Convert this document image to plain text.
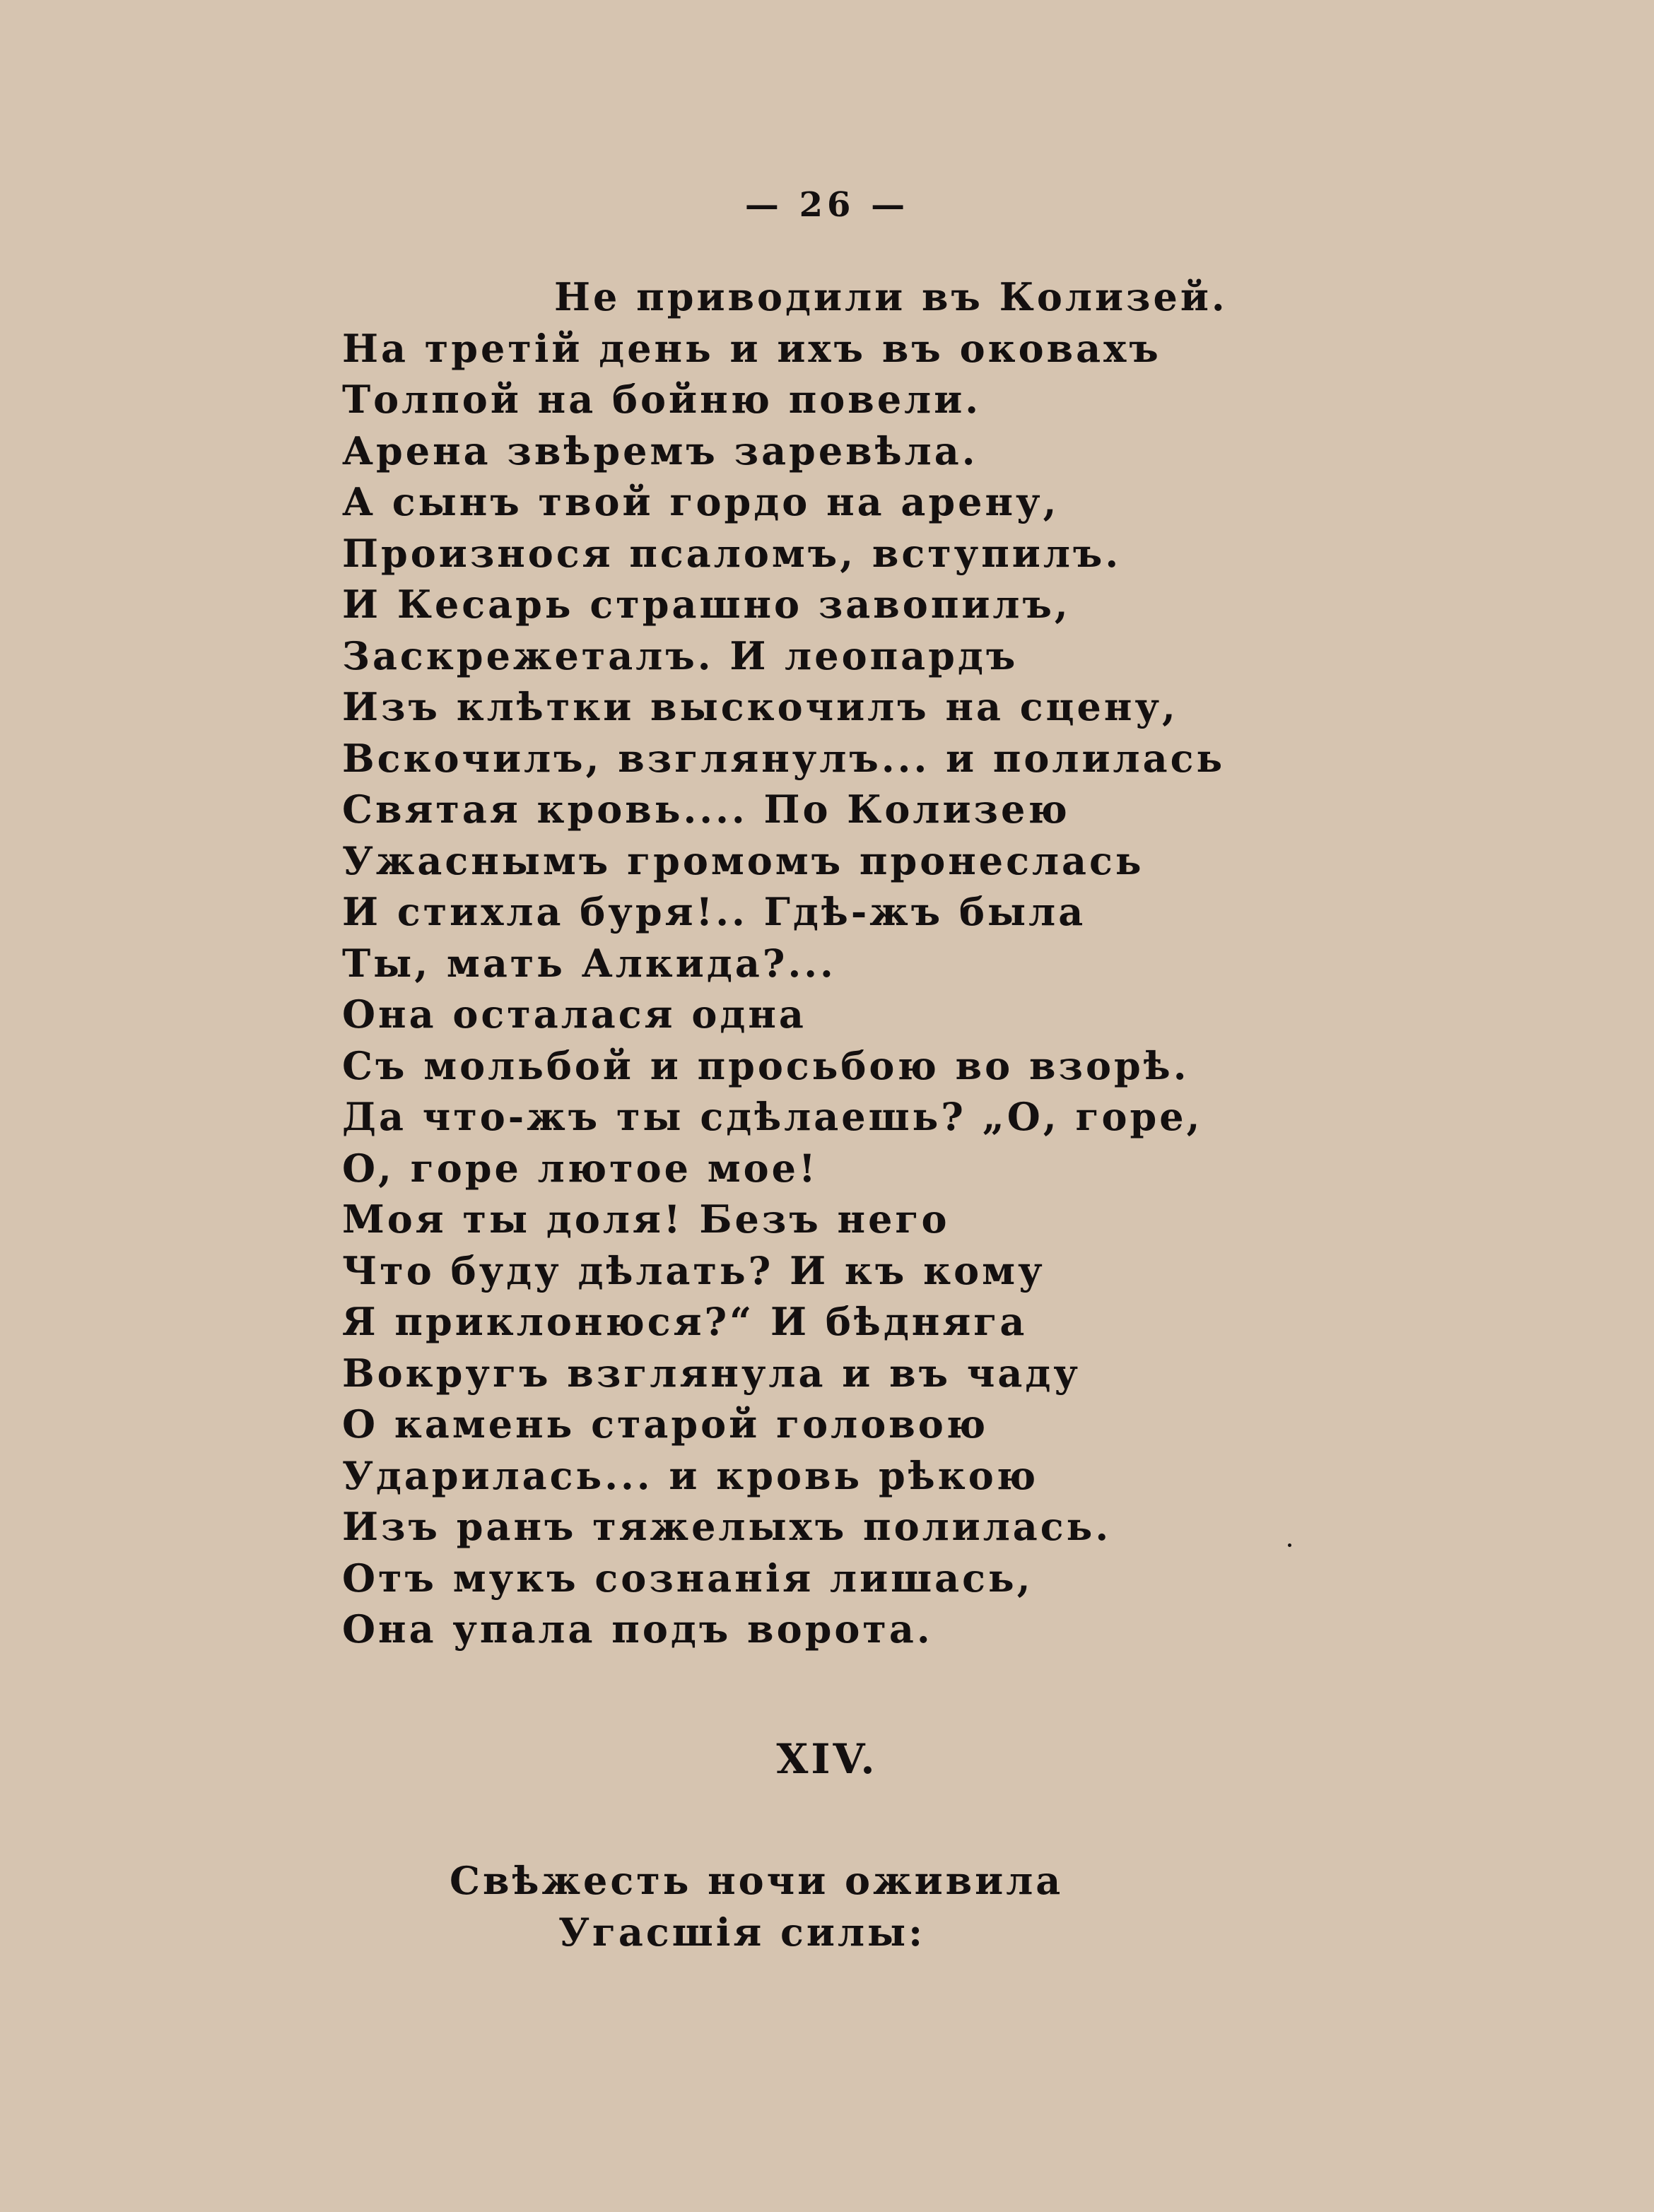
— 26 —
Не приводили въ Колизей.
На третій день и ихъ въ оковахъ
Толпой на бойню повели.
Арена звѣремъ заревѣла.
А сынъ твой гордо на арену,
Произнося псаломъ, вступилъ.
И Кесарь страшно завопилъ,
Заскрежеталъ. И леопардъ
Изъ клѣтки выскочилъ на сцену,
Вскочилъ, взглянулъ... и полилась
Святая кровь.... По Колизею
Ужаснымъ громомъ пронеслась
И стихла буря!.. Гдѣ-жъ была
Ты, мать Алкида?...
Она осталася одна
Съ мольбой и просьбою во взорѣ.
Да что-жъ ты сдѣлаешь? „О, горе,
О, горе лютое мое!
Моя ты доля! Безъ него
Что буду дѣлать? И къ кому
Я приклонюся?“ И бѣдняга
Вокругъ взглянула и въ чаду
О камень старой головою
Ударилась... и кровь рѣкою
Изъ ранъ тяжелыхъ полилась.
Отъ мукъ сознанія лишась,
Она упала подъ ворота.
XIV.
Свѣжесть ночи оживила
Угасшія силы:
